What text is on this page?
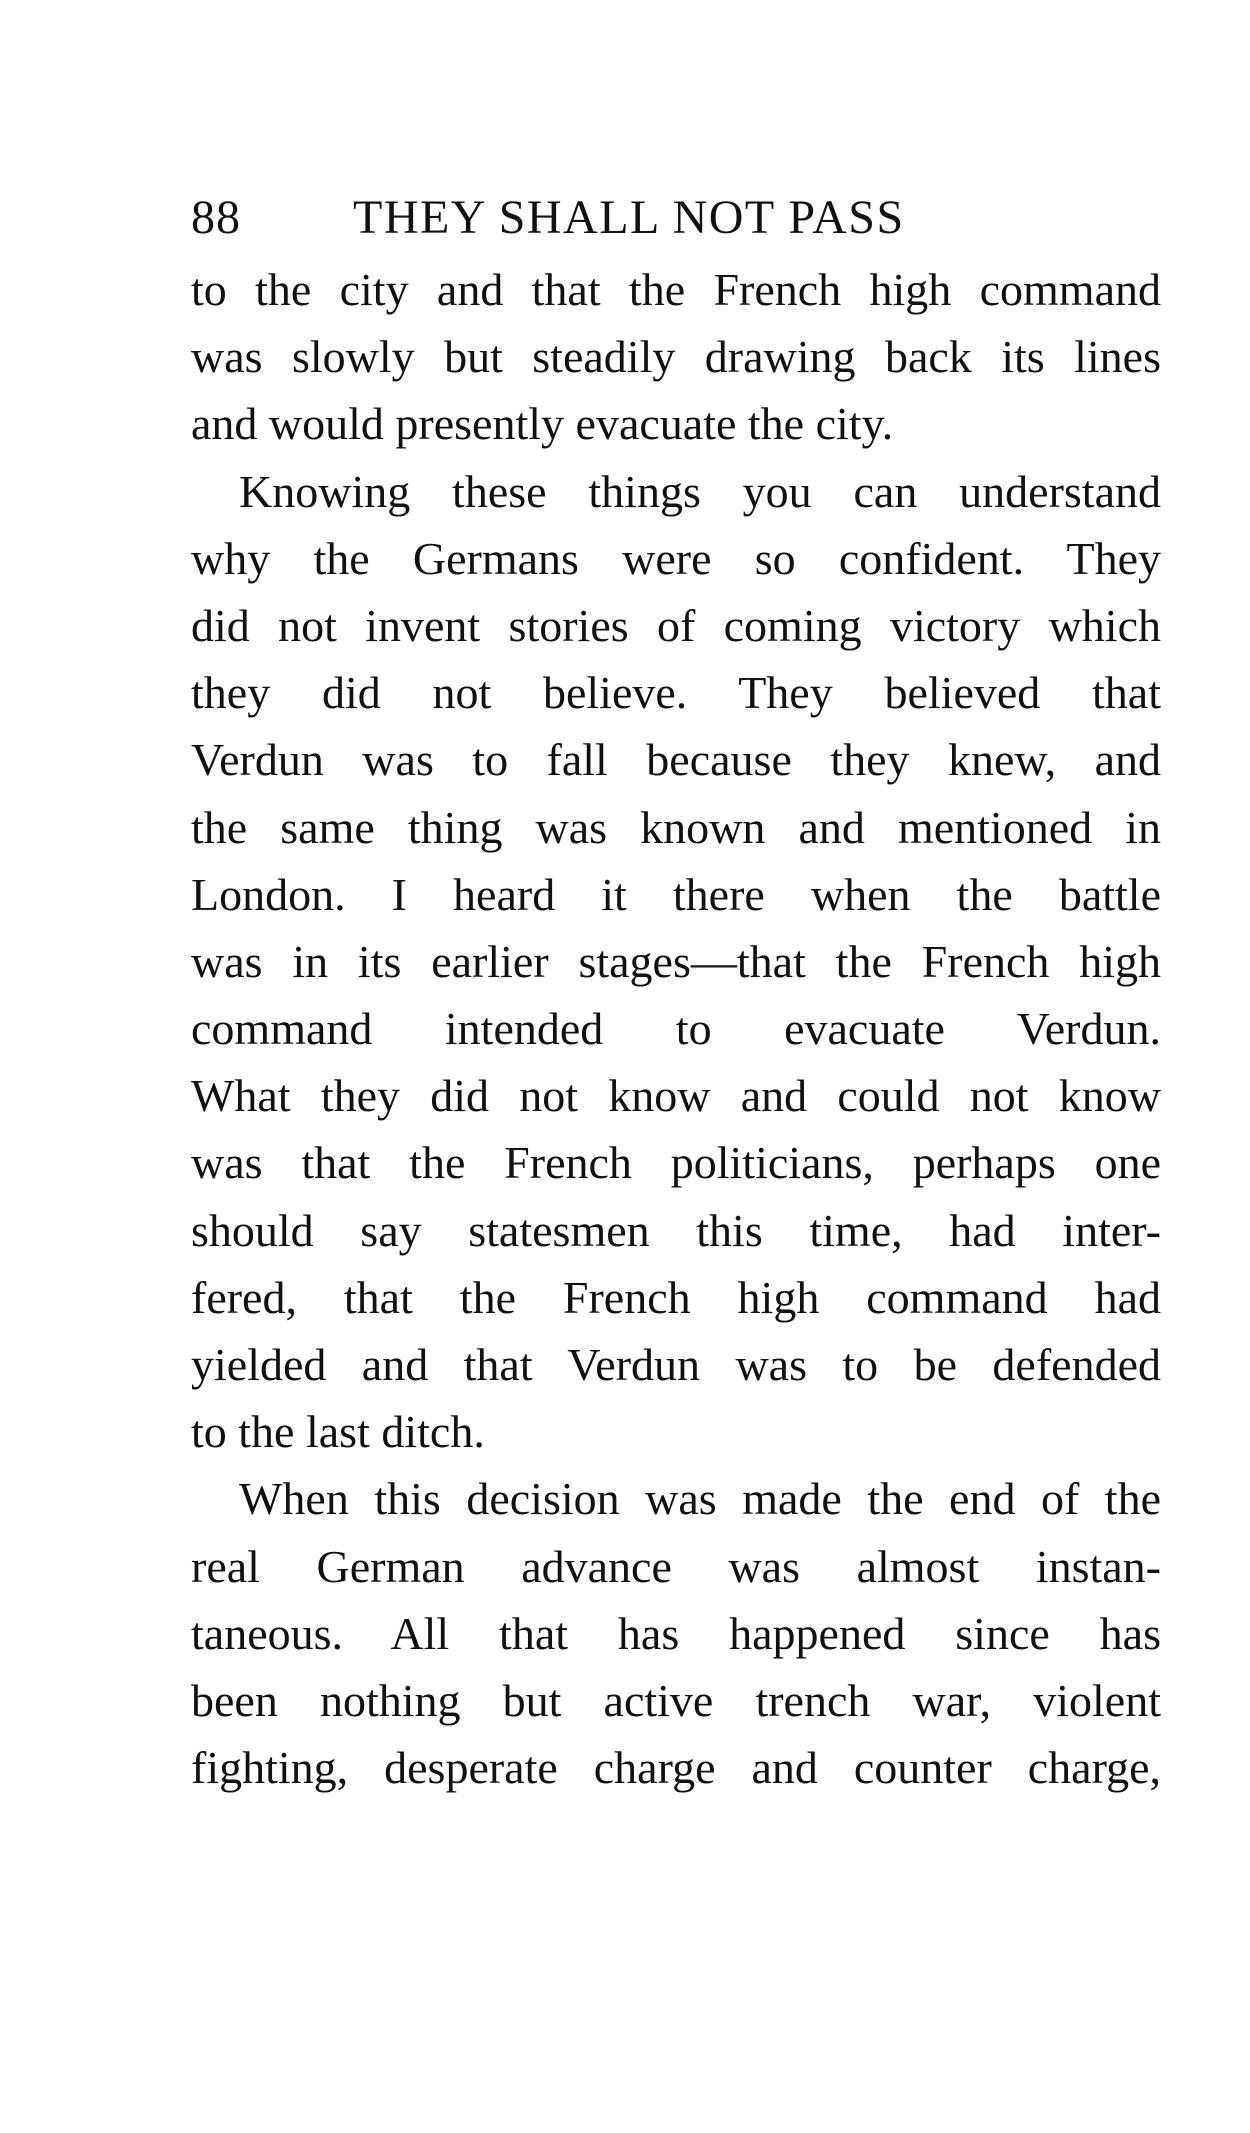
88	THEY SHALL NOT PASS
to the city and that the French high command
was slowly but steadily drawing back its lines
and would presently evacuate the city.
Knowing these things you can understand
why the Germans were so confident. They
did not invent stories of coming victory which
they did not believe. They believed that
Verdun was to fall because they knew, and
the same thing was known and mentioned in
London. I heard it there when the battle
was in its earlier stages—that the French high
command intended to evacuate Verdun.
What they did not know and could not know
was that the French politicians, perhaps one
should say statesmen this time, had inter-
fered, that the French high command had
yielded and that Verdun was to be defended
to the last ditch.
When this decision was made the end of the
real German advance was almost instan-
taneous. All that has happened since has
been nothing but active trench war, violent
fighting, desperate charge and counter charge,
